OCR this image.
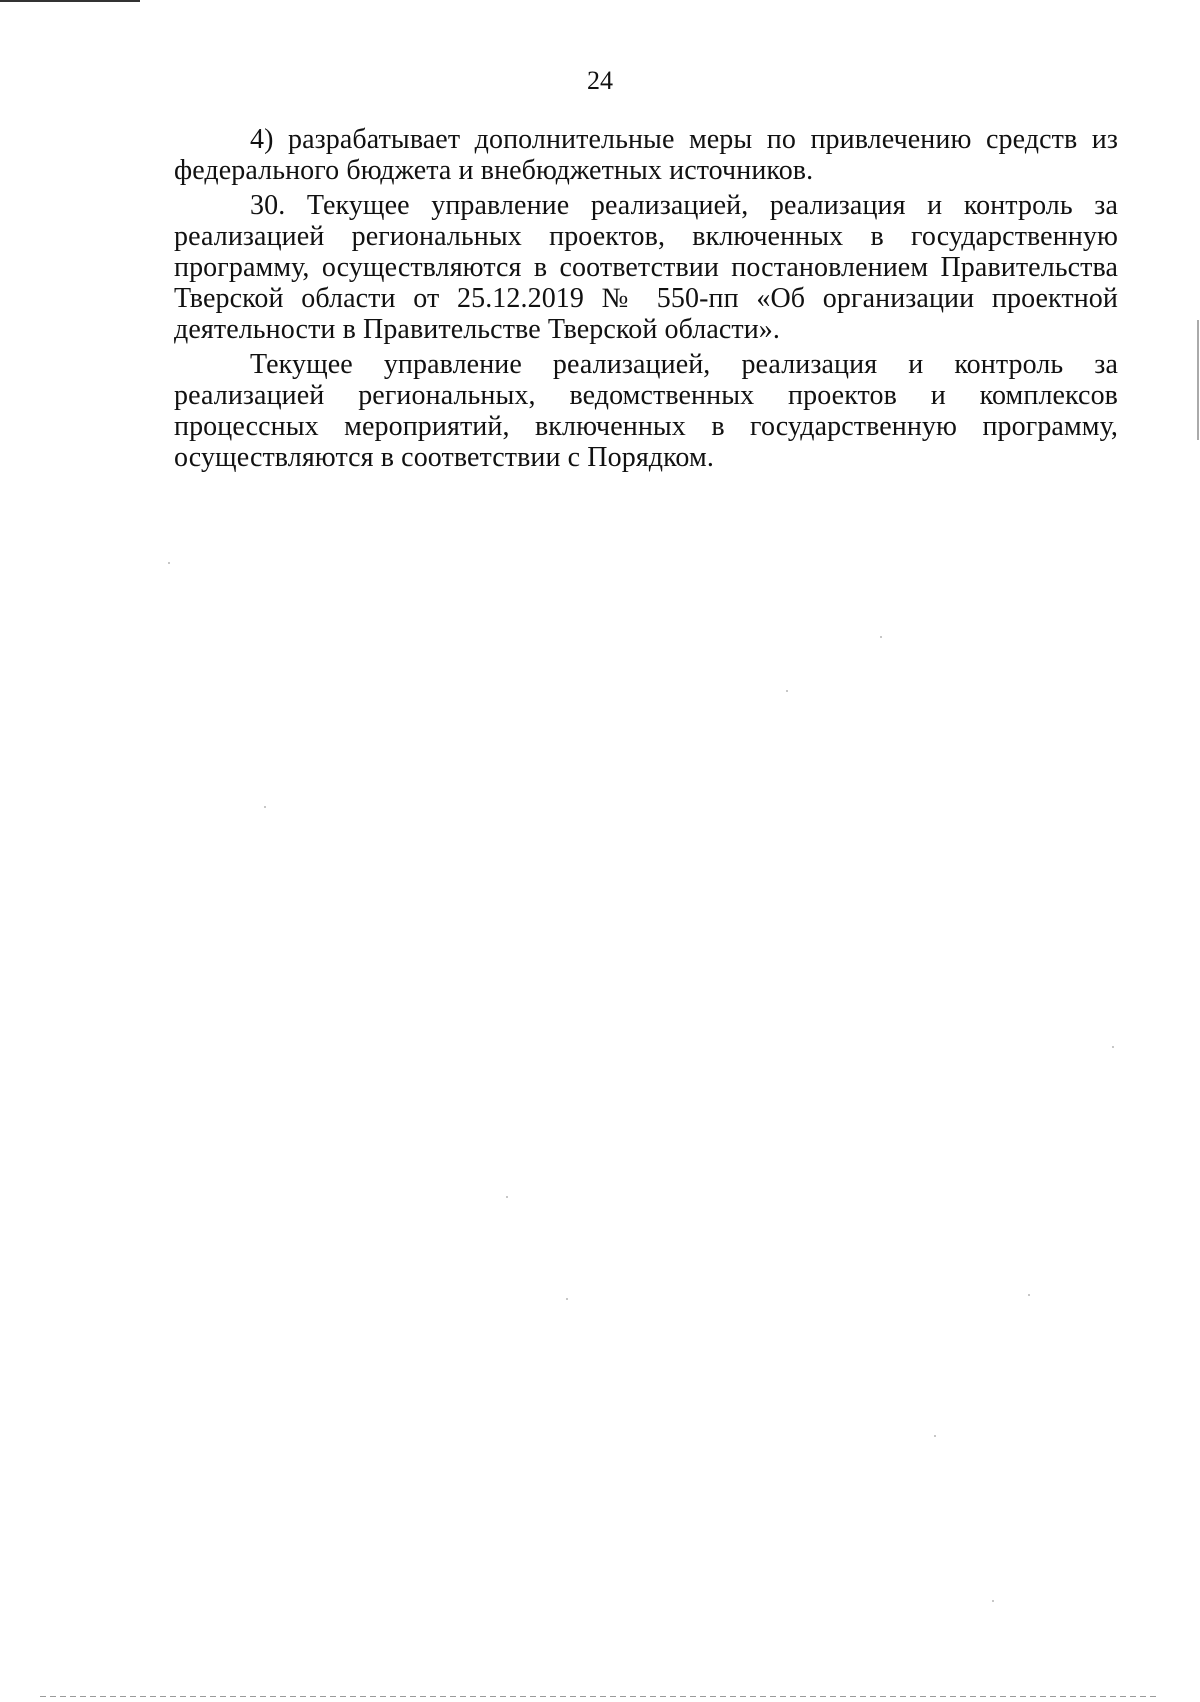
24

4) разрабатывает дополнительные меры по привлечению средств из федерального бюджета и внебюджетных источников.

30. Текущее управление реализацией, реализация и контроль за реализацией региональных проектов, включенных в государственную программу, осуществляются в соответствии постановлением Правительства Тверской области от 25.12.2019 № 550-пп «Об организации проектной деятельности в Правительстве Тверской области».

Текущее управление реализацией, реализация и контроль за реализацией региональных, ведомственных проектов и комплексов процессных мероприятий, включенных в государственную программу, осуществляются в соответствии с Порядком.
